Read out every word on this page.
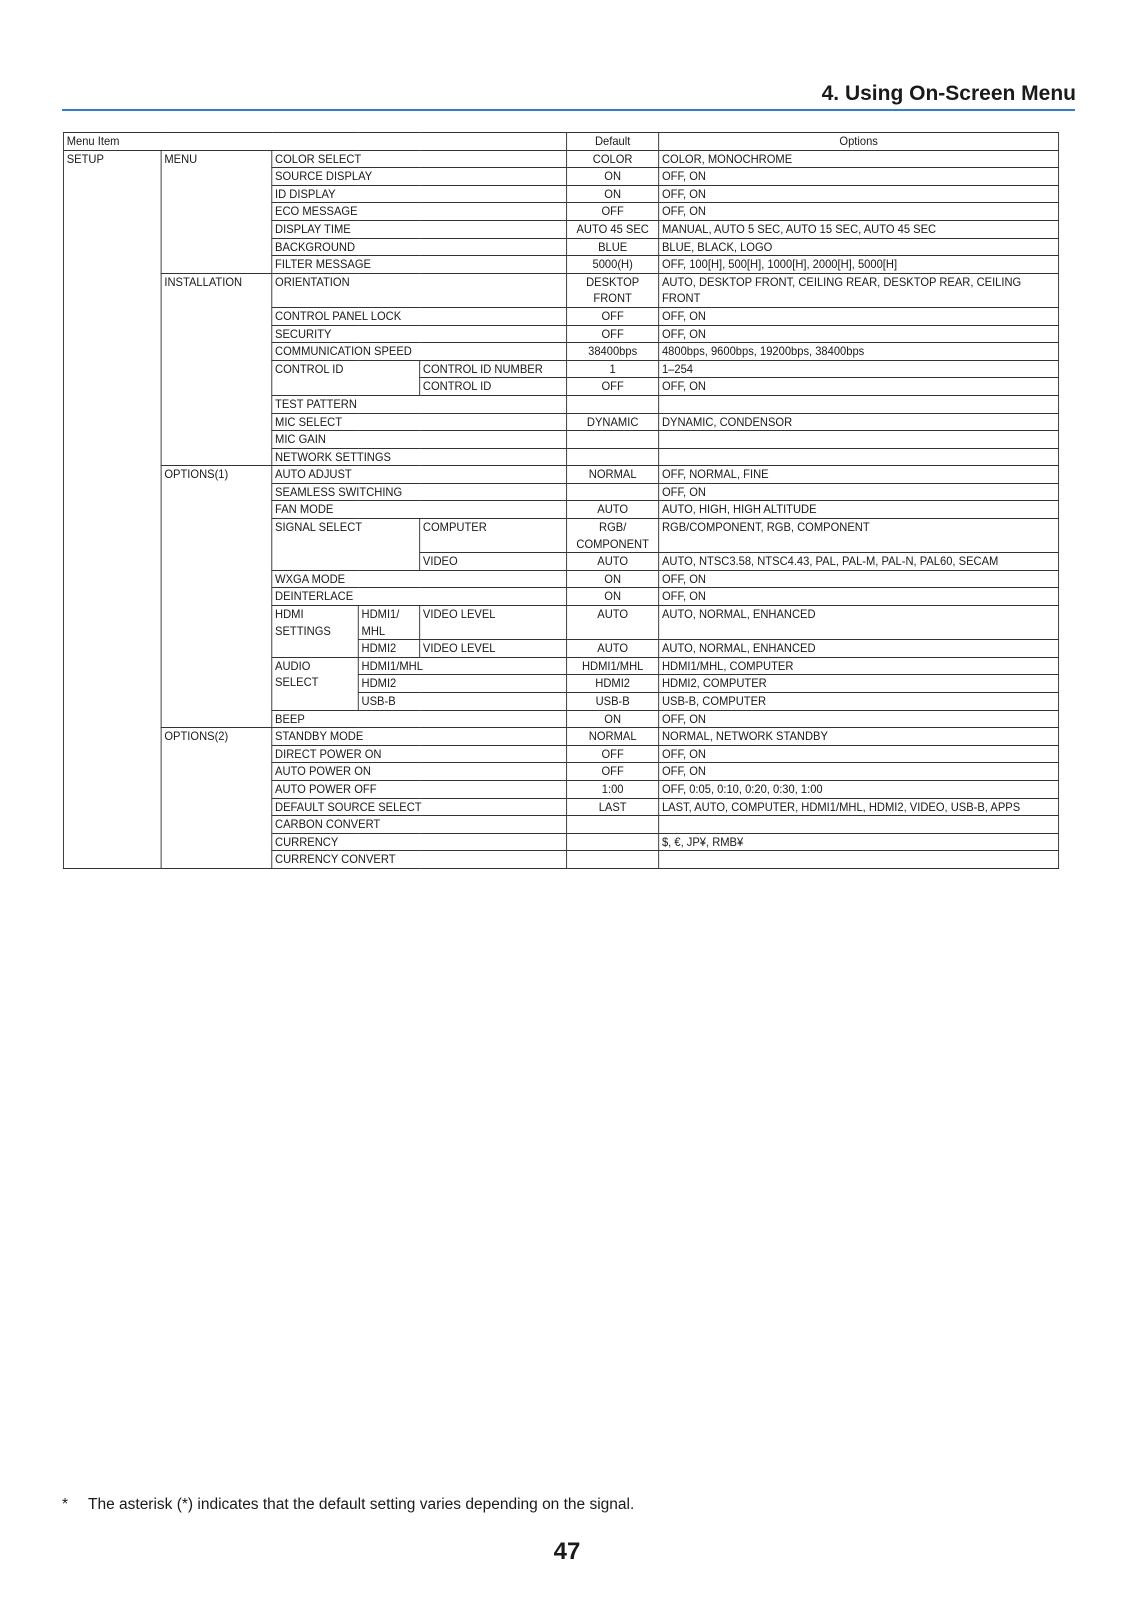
4. Using On-Screen Menu
Menu Item					Default	Options
SETUP	MENU	COLOR SELECT			COLOR	COLOR, MONOCHROME
		SOURCE DISPLAY			ON	OFF, ON
		ID DISPLAY			ON	OFF, ON
		ECO MESSAGE			OFF	OFF, ON
		DISPLAY TIME			AUTO 45 SEC	MANUAL, AUTO 5 SEC, AUTO 15 SEC, AUTO 45 SEC
		BACKGROUND			BLUE	BLUE, BLACK, LOGO
		FILTER MESSAGE			5000(H)	OFF, 100[H], 500[H], 1000[H], 2000[H], 5000[H]
	INSTALLATION	ORIENTATION			DESKTOP FRONT	AUTO, DESKTOP FRONT, CEILING REAR, DESKTOP REAR, CEILING FRONT
		CONTROL PANEL LOCK			OFF	OFF, ON
		SECURITY			OFF	OFF, ON
		COMMUNICATION SPEED			38400bps	4800bps, 9600bps, 19200bps, 38400bps
		CONTROL ID		CONTROL ID NUMBER	1	1–254
				CONTROL ID	OFF	OFF, ON
		TEST PATTERN				
		MIC SELECT			DYNAMIC	DYNAMIC, CONDENSOR
		MIC GAIN				
		NETWORK SETTINGS				
	OPTIONS(1)	AUTO ADJUST			NORMAL	OFF, NORMAL, FINE
		SEAMLESS SWITCHING				OFF, ON
		FAN MODE			AUTO	AUTO, HIGH, HIGH ALTITUDE
		SIGNAL SELECT		COMPUTER	RGB/ COMPONENT	RGB/COMPONENT, RGB, COMPONENT
				VIDEO	AUTO	AUTO, NTSC3.58, NTSC4.43, PAL, PAL-M, PAL-N, PAL60, SECAM
		WXGA MODE			ON	OFF, ON
		DEINTERLACE			ON	OFF, ON
		HDMI SETTINGS	HDMI1/ MHL	VIDEO LEVEL	AUTO	AUTO, NORMAL, ENHANCED
			HDMI2	VIDEO LEVEL	AUTO	AUTO, NORMAL, ENHANCED
		AUDIO SELECT	HDMI1/MHL		HDMI1/MHL	HDMI1/MHL, COMPUTER
			HDMI2		HDMI2	HDMI2, COMPUTER
			USB-B		USB-B	USB-B, COMPUTER
		BEEP			ON	OFF, ON
	OPTIONS(2)	STANDBY MODE			NORMAL	NORMAL, NETWORK STANDBY
		DIRECT POWER ON			OFF	OFF, ON
		AUTO POWER ON			OFF	OFF, ON
		AUTO POWER OFF			1:00	OFF, 0:05, 0:10, 0:20, 0:30, 1:00
		DEFAULT SOURCE SELECT			LAST	LAST, AUTO, COMPUTER, HDMI1/MHL, HDMI2, VIDEO, USB-B, APPS
		CARBON CONVERT				
		CURRENCY				$, €, JP¥, RMB¥
		CURRENCY CONVERT				
* The asterisk (*) indicates that the default setting varies depending on the signal.
47
